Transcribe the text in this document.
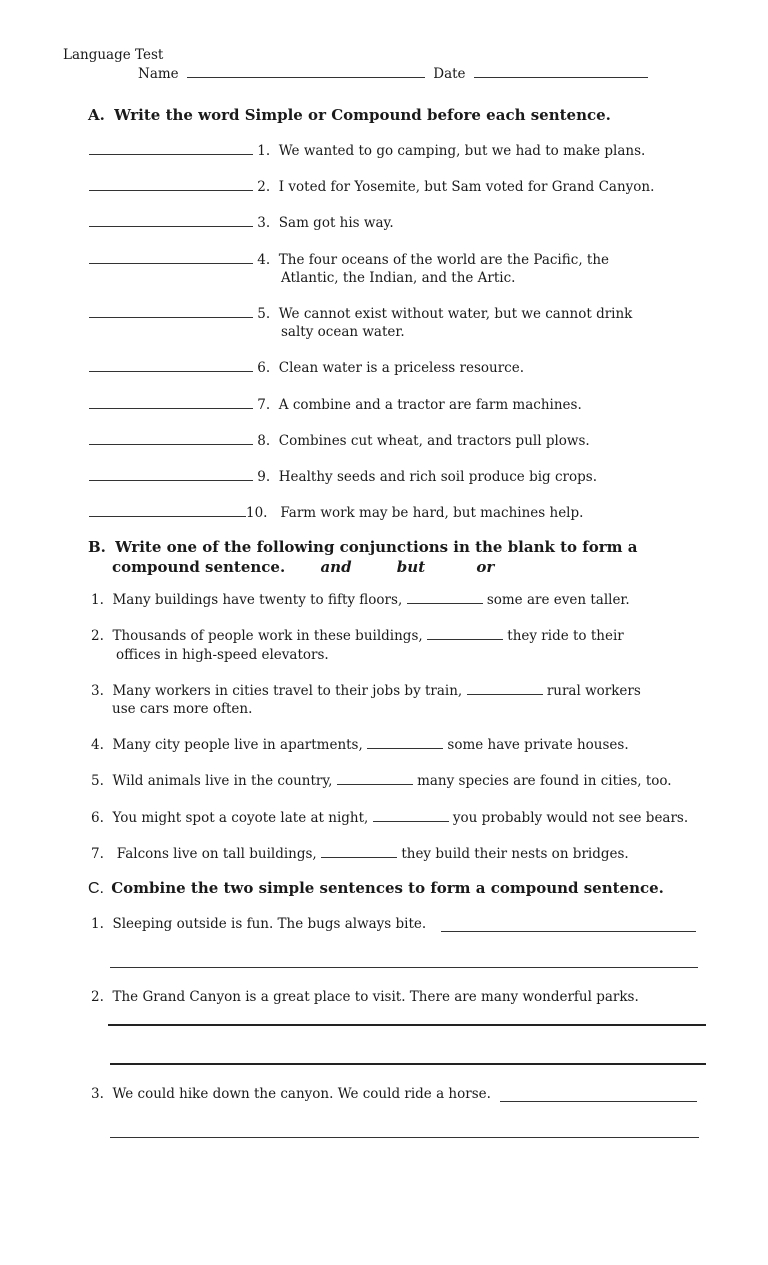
Language Test
Name	Date
A. Write the word Simple or Compound before each sentence.
1. We wanted to go camping, but we had to make plans.
2. I voted for Yosemite, but Sam voted for Grand Canyon.
3. Sam got his way.
4. The four oceans of the world are the Pacific, the
Atlantic, the Indian, and the Artic.
5. We cannot exist without water, but we cannot drink
salty ocean water.
6. Clean water is a priceless resource.
7. A combine and a tractor are farm machines.
8. Combines cut wheat, and tractors pull plows.
9. Healthy seeds and rich soil produce big crops.
10. Farm work may be hard, but machines help.
B. Write one of the following conjunctions in the blank to form a
compound sentence. and	but	or
1. Many buildings have twenty to fifty floors,	some are even taller.
2. Thousands of people work in these buildings,	they ride to their
offices in high-speed elevators.
3. Many workers in cities travel to their jobs by train,	rural workers
use cars more often.
4. Many city people live in apartments,	some have private houses.
5. Wild animals live in the country,	many species are found in cities, too.
6. You might spot a coyote late at night,	you probably would not see bears.
7. Falcons live on tall buildings,	they build their nests on bridges.
C. Combine the two simple sentences to form a compound sentence.
1. Sleeping outside is fun. The bugs always bite.
2. The Grand Canyon is a great place to visit. There are many wonderful parks.
3. We could hike down the canyon. We could ride a horse.
